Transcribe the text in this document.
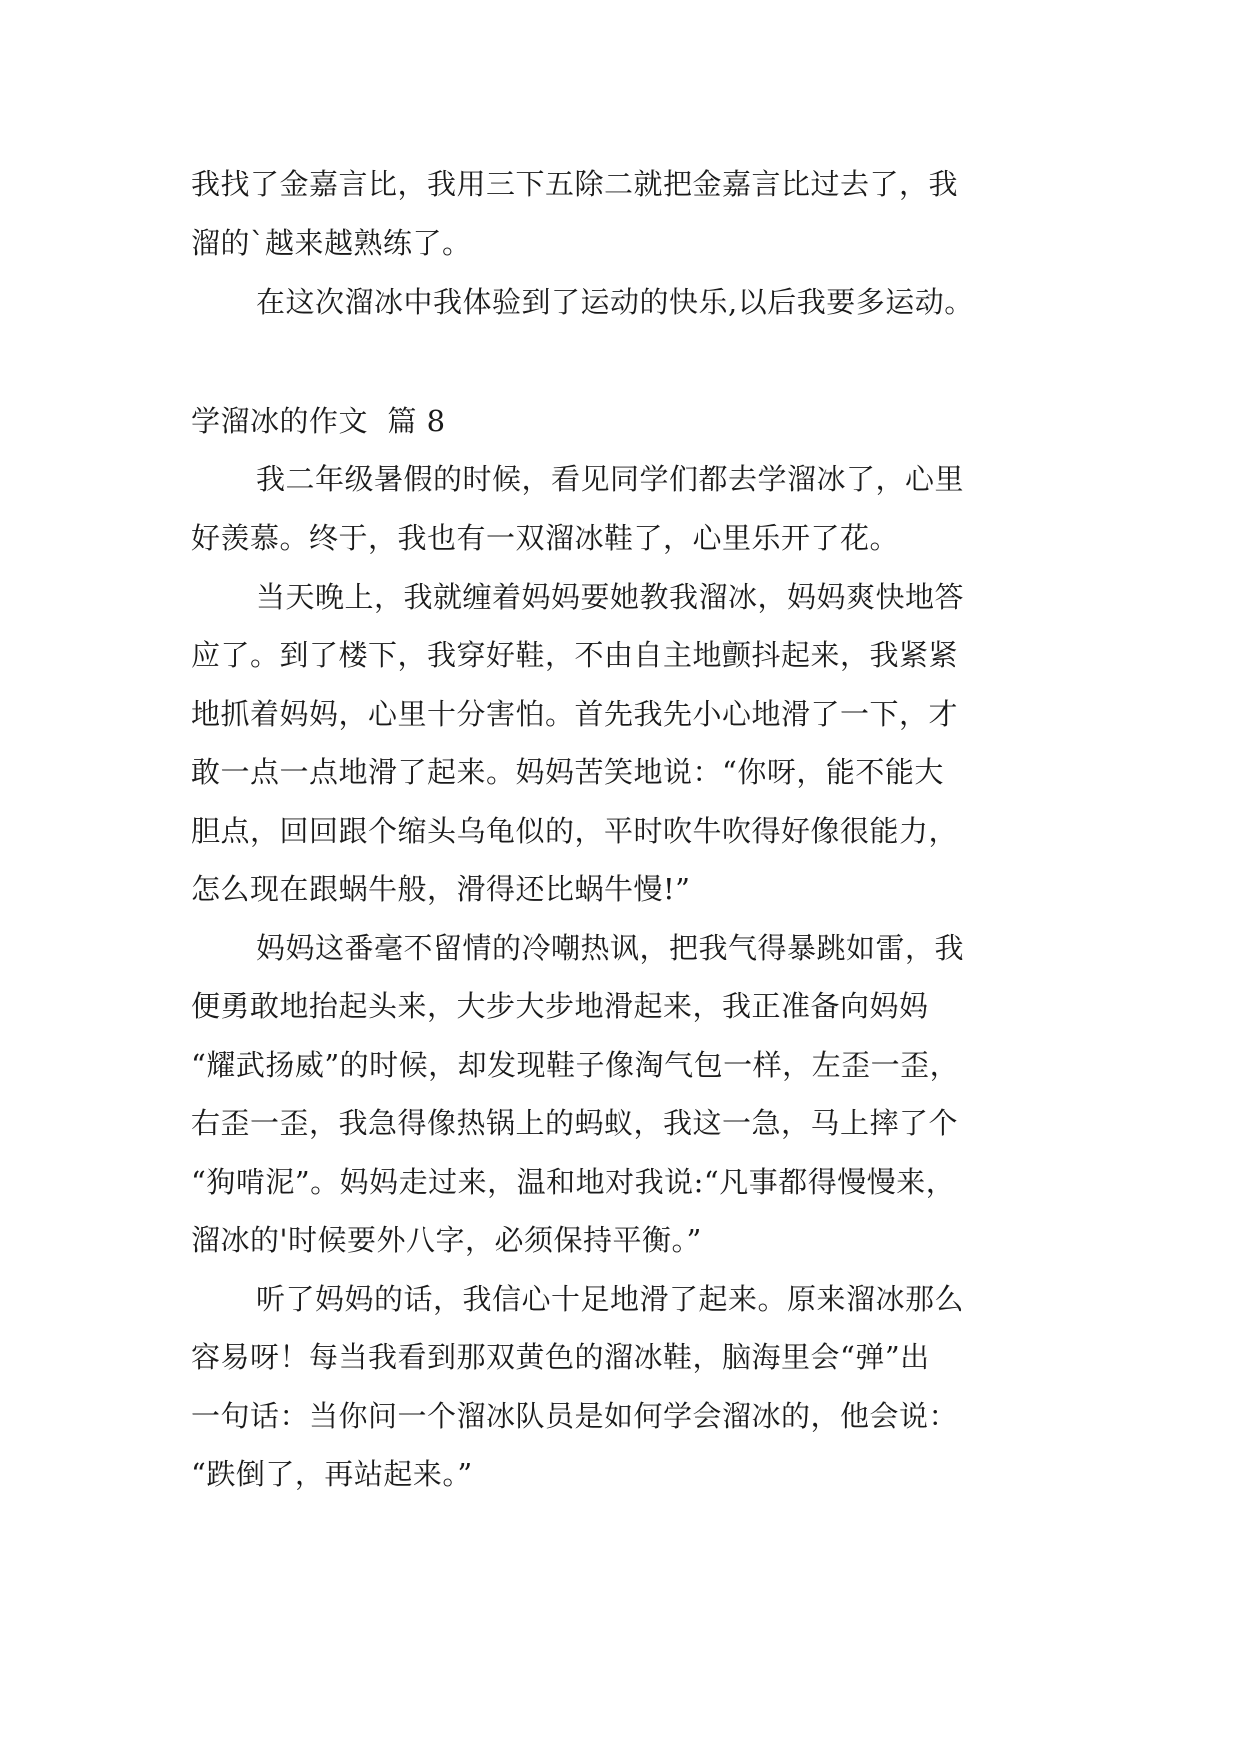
我找了金嘉言比，我用三下五除二就把金嘉言比过去了，我

溜的`越来越熟练了。

在这次溜冰中我体验到了运动的快乐,以后我要多运动。

学溜冰的作文  篇 8

我二年级暑假的时候，看见同学们都去学溜冰了，心里

好羡慕。终于，我也有一双溜冰鞋了，心里乐开了花。

当天晚上，我就缠着妈妈要她教我溜冰，妈妈爽快地答

应了。到了楼下，我穿好鞋，不由自主地颤抖起来，我紧紧

地抓着妈妈，心里十分害怕。首先我先小心地滑了一下，才

敢一点一点地滑了起来。妈妈苦笑地说：“你呀，能不能大

胆点，回回跟个缩头乌龟似的，平时吹牛吹得好像很能力，

怎么现在跟蜗牛般，滑得还比蜗牛慢!”

妈妈这番毫不留情的冷嘲热讽，把我气得暴跳如雷，我

便勇敢地抬起头来，大步大步地滑起来，我正准备向妈妈

“耀武扬威”的时候，却发现鞋子像淘气包一样，左歪一歪，

右歪一歪，我急得像热锅上的蚂蚁，我这一急，马上摔了个

“狗啃泥”。妈妈走过来，温和地对我说:“凡事都得慢慢来，

溜冰的'时候要外八字，必须保持平衡。”

听了妈妈的话，我信心十足地滑了起来。原来溜冰那么

容易呀！每当我看到那双黄色的溜冰鞋，脑海里会“弹”出

一句话：当你问一个溜冰队员是如何学会溜冰的，他会说：

“跌倒了，再站起来。”
